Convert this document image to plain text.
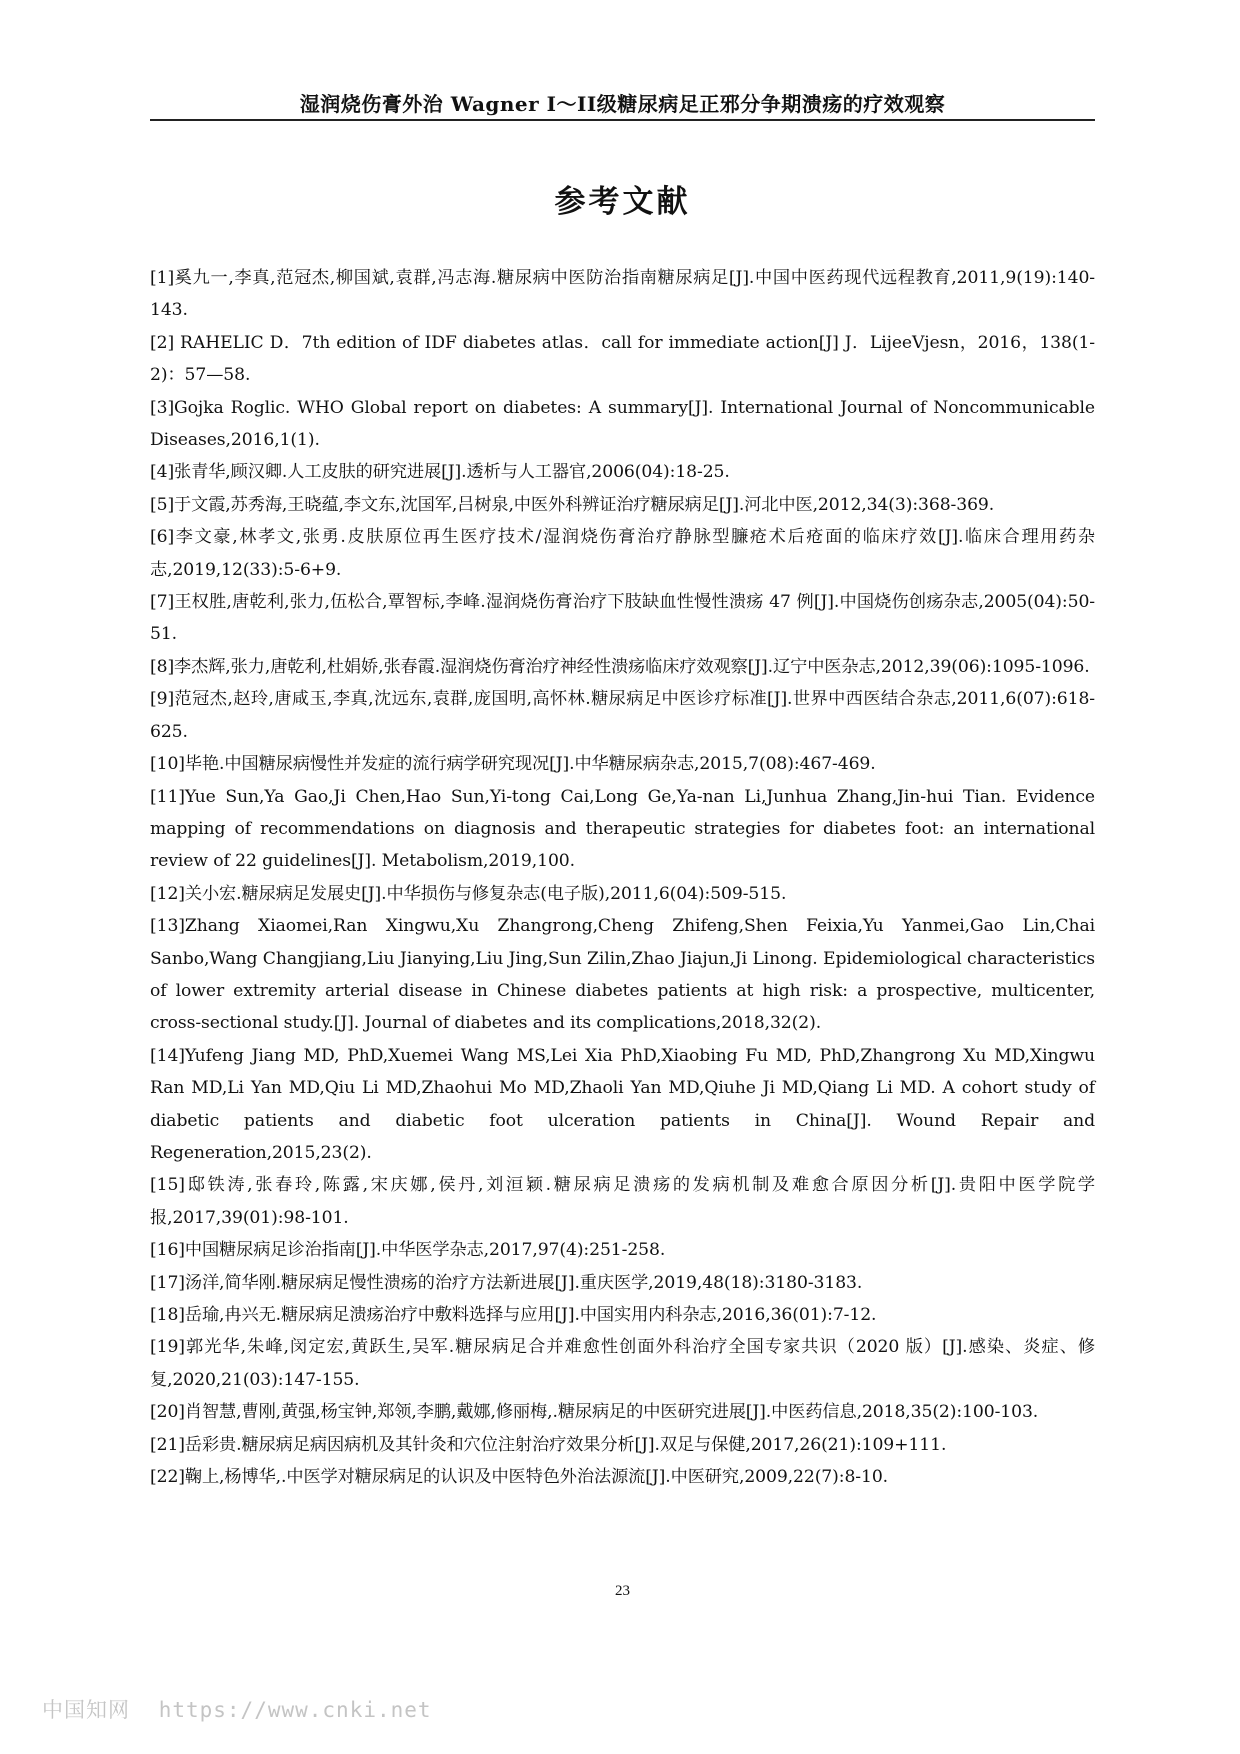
湿润烧伤膏外治 Wagner I～II级糖尿病足正邪分争期溃疡的疗效观察
参考文献
[1]奚九一,李真,范冠杰,柳国斌,袁群,冯志海.糖尿病中医防治指南糖尿病足[J].中国中医药现代远程教育,2011,9(19):140-143.
[2] RAHELIC D．7th edition of IDF diabetes atlas．call for immediate action[J] J．LijeeVjesn，2016，138(1-2)：57—58.
[3]Gojka Roglic. WHO Global report on diabetes: A summary[J]. International Journal of Noncommunicable Diseases,2016,1(1).
[4]张青华,顾汉卿.人工皮肤的研究进展[J].透析与人工器官,2006(04):18-25.
[5]于文霞,苏秀海,王晓蕴,李文东,沈国军,吕树泉,中医外科辨证治疗糖尿病足[J].河北中医,2012,34(3):368-369.
[6]李文豪,林孝文,张勇.皮肤原位再生医疗技术/湿润烧伤膏治疗静脉型臁疮术后疮面的临床疗效[J].临床合理用药杂志,2019,12(33):5-6+9.
[7]王权胜,唐乾利,张力,伍松合,覃智标,李峰.湿润烧伤膏治疗下肢缺血性慢性溃疡 47 例[J].中国烧伤创疡杂志,2005(04):50-51.
[8]李杰辉,张力,唐乾利,杜娟娇,张春霞.湿润烧伤膏治疗神经性溃疡临床疗效观察[J].辽宁中医杂志,2012,39(06):1095-1096.
[9]范冠杰,赵玲,唐咸玉,李真,沈远东,袁群,庞国明,高怀林.糖尿病足中医诊疗标准[J].世界中西医结合杂志,2011,6(07):618-625.
[10]毕艳.中国糖尿病慢性并发症的流行病学研究现况[J].中华糖尿病杂志,2015,7(08):467-469.
[11]Yue Sun,Ya Gao,Ji Chen,Hao Sun,Yi-tong Cai,Long Ge,Ya-nan Li,Junhua Zhang,Jin-hui Tian. Evidence mapping of recommendations on diagnosis and therapeutic strategies for diabetes foot: an international review of 22 guidelines[J]. Metabolism,2019,100.
[12]关小宏.糖尿病足发展史[J].中华损伤与修复杂志(电子版),2011,6(04):509-515.
[13]Zhang Xiaomei,Ran Xingwu,Xu Zhangrong,Cheng Zhifeng,Shen Feixia,Yu Yanmei,Gao Lin,Chai Sanbo,Wang Changjiang,Liu Jianying,Liu Jing,Sun Zilin,Zhao Jiajun,Ji Linong. Epidemiological characteristics of lower extremity arterial disease in Chinese diabetes patients at high risk: a prospective, multicenter, cross-sectional study.[J]. Journal of diabetes and its complications,2018,32(2).
[14]Yufeng Jiang MD, PhD,Xuemei Wang MS,Lei Xia PhD,Xiaobing Fu MD, PhD,Zhangrong Xu MD,Xingwu Ran MD,Li Yan MD,Qiu Li MD,Zhaohui Mo MD,Zhaoli Yan MD,Qiuhe Ji MD,Qiang Li MD. A cohort study of diabetic patients and diabetic foot ulceration patients in China[J]. Wound Repair and Regeneration,2015,23(2).
[15]邸铁涛,张春玲,陈露,宋庆娜,侯丹,刘洹颖.糖尿病足溃疡的发病机制及难愈合原因分析[J].贵阳中医学院学报,2017,39(01):98-101.
[16]中国糖尿病足诊治指南[J].中华医学杂志,2017,97(4):251-258.
[17]汤洋,简华刚.糖尿病足慢性溃疡的治疗方法新进展[J].重庆医学,2019,48(18):3180-3183.
[18]岳瑜,冉兴无.糖尿病足溃疡治疗中敷料选择与应用[J].中国实用内科杂志,2016,36(01):7-12.
[19]郭光华,朱峰,闵定宏,黄跃生,吴军.糖尿病足合并难愈性创面外科治疗全国专家共识（2020 版）[J].感染、炎症、修复,2020,21(03):147-155.
[20]肖智慧,曹刚,黄强,杨宝钟,郑领,李鹏,戴娜,修丽梅,.糖尿病足的中医研究进展[J].中医药信息,2018,35(2):100-103.
[21]岳彩贵.糖尿病足病因病机及其针灸和穴位注射治疗效果分析[J].双足与保健,2017,26(21):109+111.
[22]鞠上,杨博华,.中医学对糖尿病足的认识及中医特色外治法源流[J].中医研究,2009,22(7):8-10.
23
中国知网 https://www.cnki.net
